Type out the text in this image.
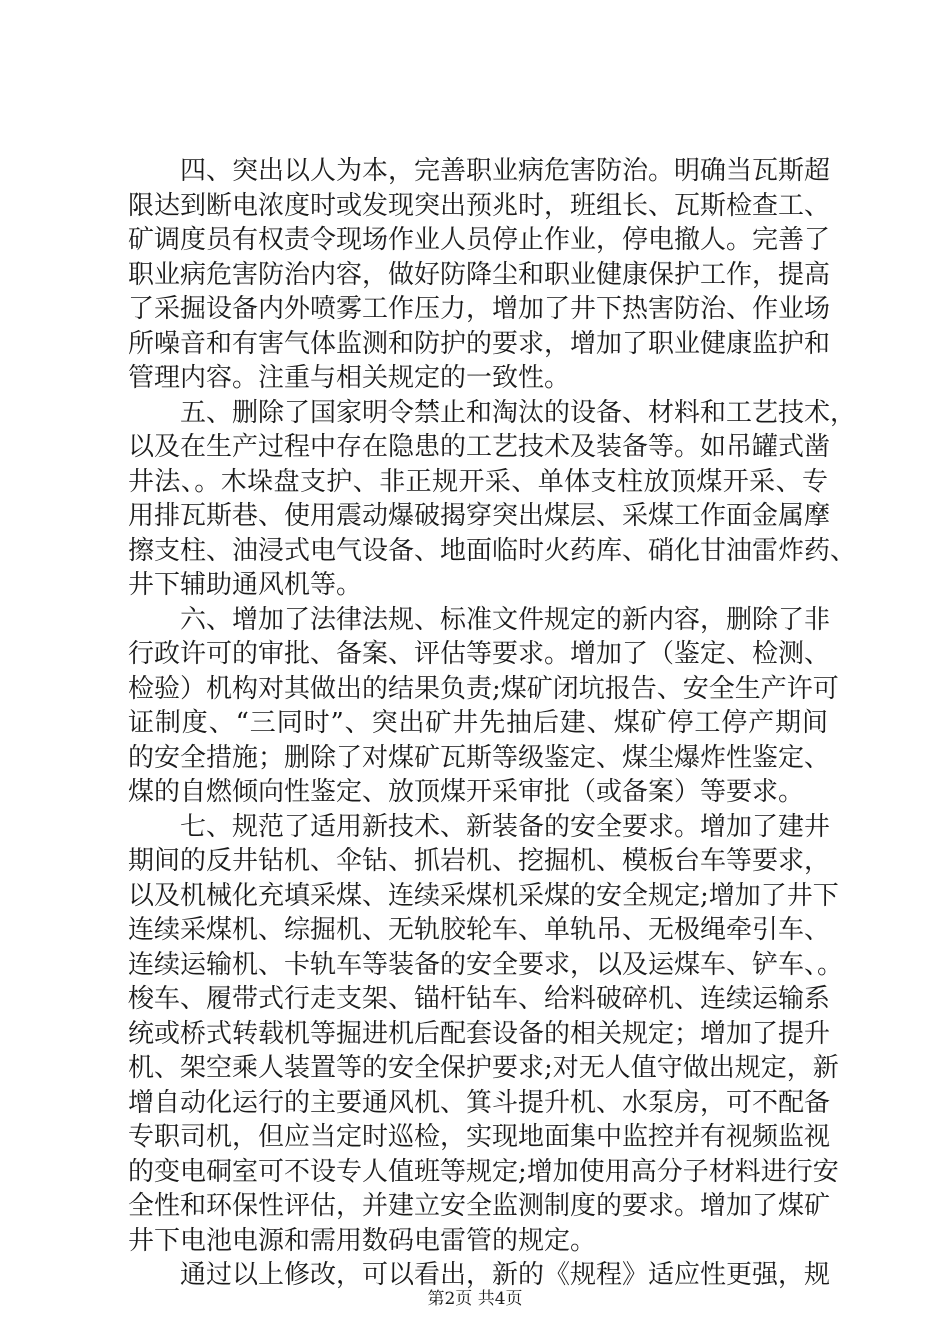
四、突出以人为本，完善职业病危害防治。明确当瓦斯超
限达到断电浓度时或发现突出预兆时，班组长、瓦斯检查工、
矿调度员有权责令现场作业人员停止作业，停电撤人。完善了
职业病危害防治内容，做好防降尘和职业健康保护工作，提高
了采掘设备内外喷雾工作压力，增加了井下热害防治、作业场
所噪音和有害气体监测和防护的要求，增加了职业健康监护和
管理内容。注重与相关规定的一致性。
五、删除了国家明令禁止和淘汰的设备、材料和工艺技术，
以及在生产过程中存在隐患的工艺技术及装备等。如吊罐式凿
井法、。木垛盘支护、非正规开采、单体支柱放顶煤开采、专
用排瓦斯巷、使用震动爆破揭穿突出煤层、采煤工作面金属摩
擦支柱、油浸式电气设备、地面临时火药库、硝化甘油雷炸药、
井下辅助通风机等。
六、增加了法律法规、标准文件规定的新内容，删除了非
行政许可的审批、备案、评估等要求。增加了（鉴定、检测、
检验）机构对其做出的结果负责;煤矿闭坑报告、安全生产许可
证制度、“三同时”、突出矿井先抽后建、煤矿停工停产期间
的安全措施；删除了对煤矿瓦斯等级鉴定、煤尘爆炸性鉴定、
煤的自燃倾向性鉴定、放顶煤开采审批（或备案）等要求。
七、规范了适用新技术、新装备的安全要求。增加了建井
期间的反井钻机、伞钻、抓岩机、挖掘机、模板台车等要求，
以及机械化充填采煤、连续采煤机采煤的安全规定;增加了井下
连续采煤机、综掘机、无轨胶轮车、单轨吊、无极绳牵引车、
连续运输机、卡轨车等装备的安全要求，以及运煤车、铲车、。
梭车、履带式行走支架、锚杆钻车、给料破碎机、连续运输系
统或桥式转载机等掘进机后配套设备的相关规定；增加了提升
机、架空乘人装置等的安全保护要求;对无人值守做出规定，新
增自动化运行的主要通风机、箕斗提升机、水泵房，可不配备
专职司机，但应当定时巡检，实现地面集中监控并有视频监视
的变电硐室可不设专人值班等规定;增加使用高分子材料进行安
全性和环保性评估，并建立安全监测制度的要求。增加了煤矿
井下电池电源和需用数码电雷管的规定。
通过以上修改，可以看出，新的《规程》适应性更强，规
第2页 共4页
